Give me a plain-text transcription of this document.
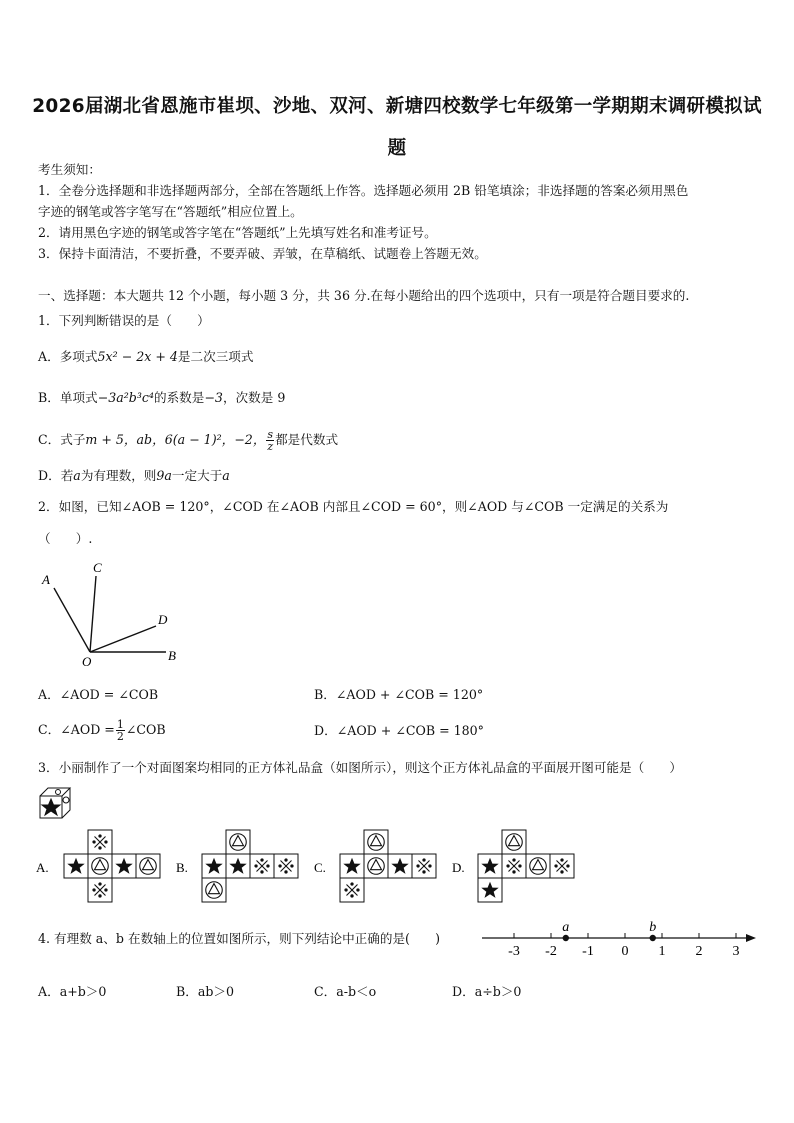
2026届湖北省恩施市崔坝、沙地、双河、新塘四校数学七年级第一学期期末调研模拟试
题
考生须知：
1．全卷分选择题和非选择题两部分，全部在答题纸上作答。选择题必须用 2B 铅笔填涂；非选择题的答案必须用黑色
字迹的钢笔或答字笔写在“答题纸”相应位置上。
2．请用黑色字迹的钢笔或答字笔在“答题纸”上先填写姓名和准考证号。
3．保持卡面清洁，不要折叠，不要弄破、弄皱，在草稿纸、试题卷上答题无效。
一、选择题：本大题共 12 个小题，每小题 3 分，共 36 分.在每小题给出的四个选项中，只有一项是符合题目要求的.
1．下列判断错误的是（　　）
A．多项式5x² − 2x + 4是二次三项式
B．单项式−3a²b³c⁴的系数是−3，次数是 9
C．式子m + 5，ab，6(a − 1)²，−2， $\frac{s}{z}$ 都是代数式
D．若a为有理数，则9a一定大于a
2．如图，已知∠AOB = 120°，∠COD 在∠AOB 内部且∠COD = 60°，则∠AOD 与∠COB 一定满足的关系为
（　　）.
A
C
D
O	B
A．∠AOD = ∠COB	B．∠AOD + ∠COB = 120°
C．∠AOD = $\frac{1}{2}$ ∠COB	D．∠AOD + ∠COB = 180°
3．小丽制作了一个对面图案均相同的正方体礼品盒（如图所示），则这个正方体礼品盒的平面展开图可能是（　　）
A.	B.	C.	D.
4. 有理数 a、b 在数轴上的位置如图所示，则下列结论中正确的是(　　)
-3 -2 -1 0 1 2 3
a	b
A．a+b＞0	B．ab＞0	C．a-b＜o	D．a÷b＞0
